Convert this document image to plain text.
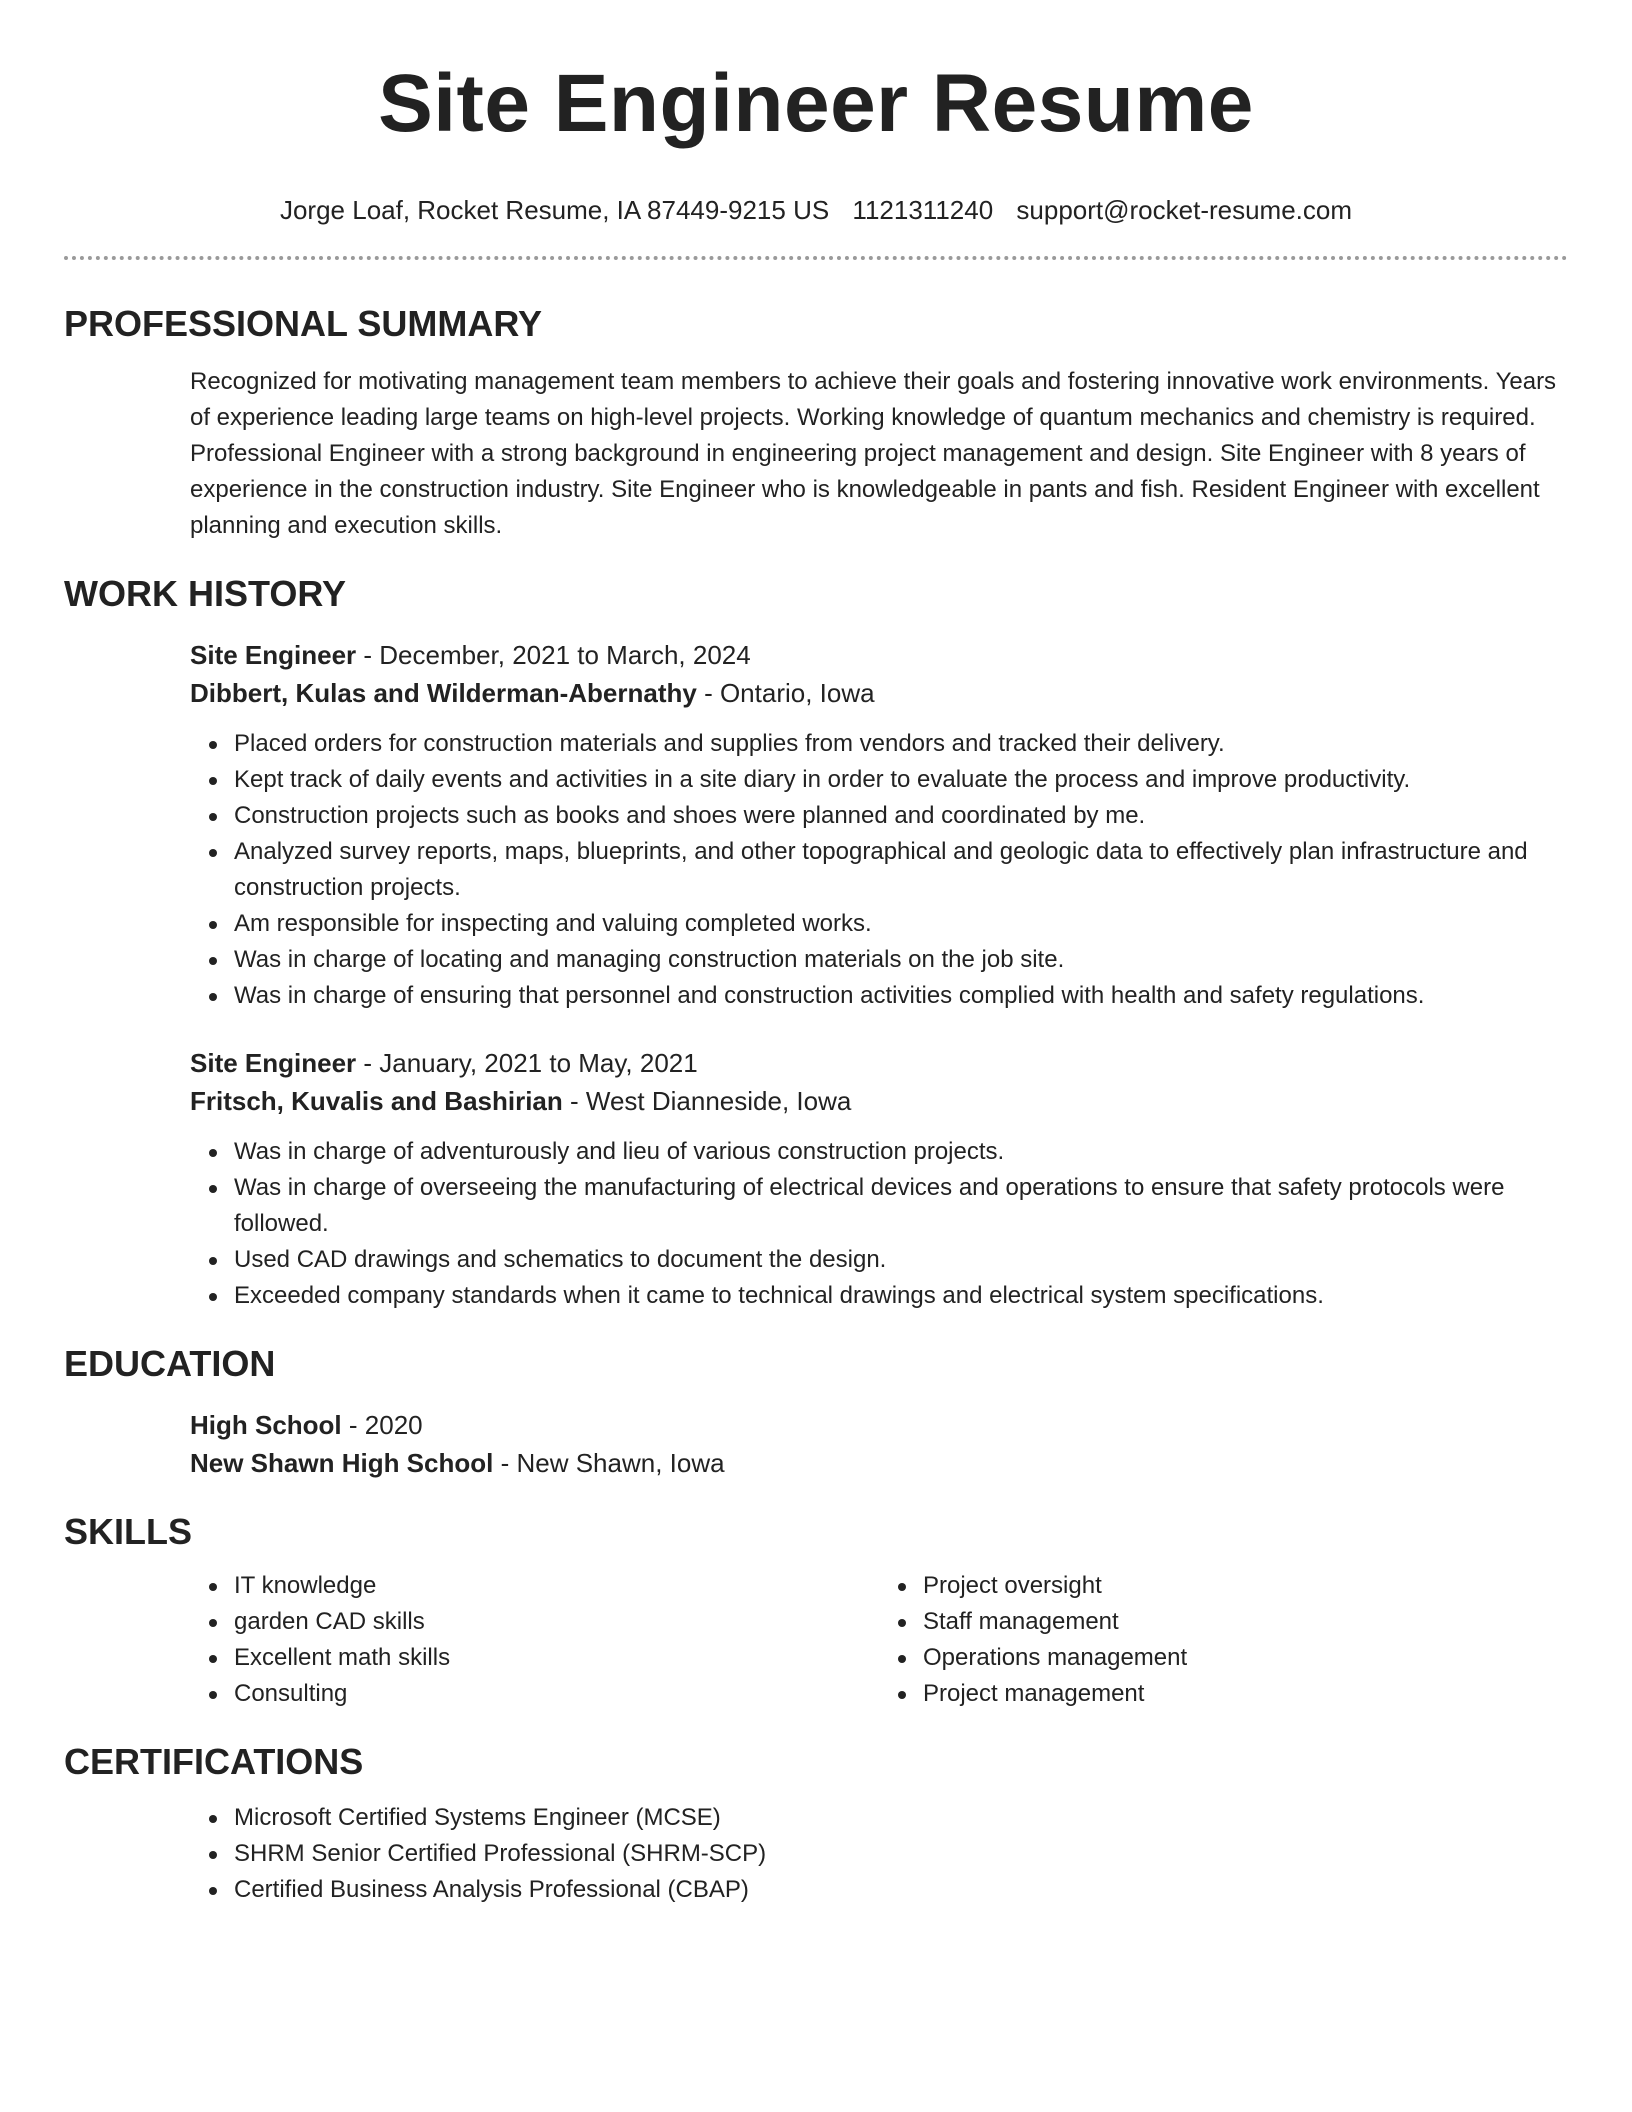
Site Engineer Resume
Jorge Loaf, Rocket Resume, IA 87449-9215 US 1121311240 support@rocket-resume.com
PROFESSIONAL SUMMARY

Recognized for motivating management team members to achieve their goals and fostering innovative work environments. Years of experience leading large teams on high-level projects. Working knowledge of quantum mechanics and chemistry is required. Professional Engineer with a strong background in engineering project management and design. Site Engineer with 8 years of experience in the construction industry. Site Engineer who is knowledgeable in pants and fish. Resident Engineer with excellent planning and execution skills.

WORK HISTORY
Site Engineer - December, 2021 to March, 2024
Dibbert, Kulas and Wilderman-Abernathy - Ontario, Iowa
Placed orders for construction materials and supplies from vendors and tracked their delivery.
Kept track of daily events and activities in a site diary in order to evaluate the process and improve productivity.
Construction projects such as books and shoes were planned and coordinated by me.
Analyzed survey reports, maps, blueprints, and other topographical and geologic data to effectively plan infrastructure and construction projects.
Am responsible for inspecting and valuing completed works.
Was in charge of locating and managing construction materials on the job site.
Was in charge of ensuring that personnel and construction activities complied with health and safety regulations.
Site Engineer - January, 2021 to May, 2021
Fritsch, Kuvalis and Bashirian - West Dianneside, Iowa
Was in charge of adventurously and lieu of various construction projects.
Was in charge of overseeing the manufacturing of electrical devices and operations to ensure that safety protocols were followed.
Used CAD drawings and schematics to document the design.
Exceeded company standards when it came to technical drawings and electrical system specifications.
EDUCATION
High School - 2020
New Shawn High School - New Shawn, Iowa
SKILLS
IT knowledge
garden CAD skills
Excellent math skills
Consulting
Project oversight
Staff management
Operations management
Project management
CERTIFICATIONS
Microsoft Certified Systems Engineer (MCSE)
SHRM Senior Certified Professional (SHRM-SCP)
Certified Business Analysis Professional (CBAP)
